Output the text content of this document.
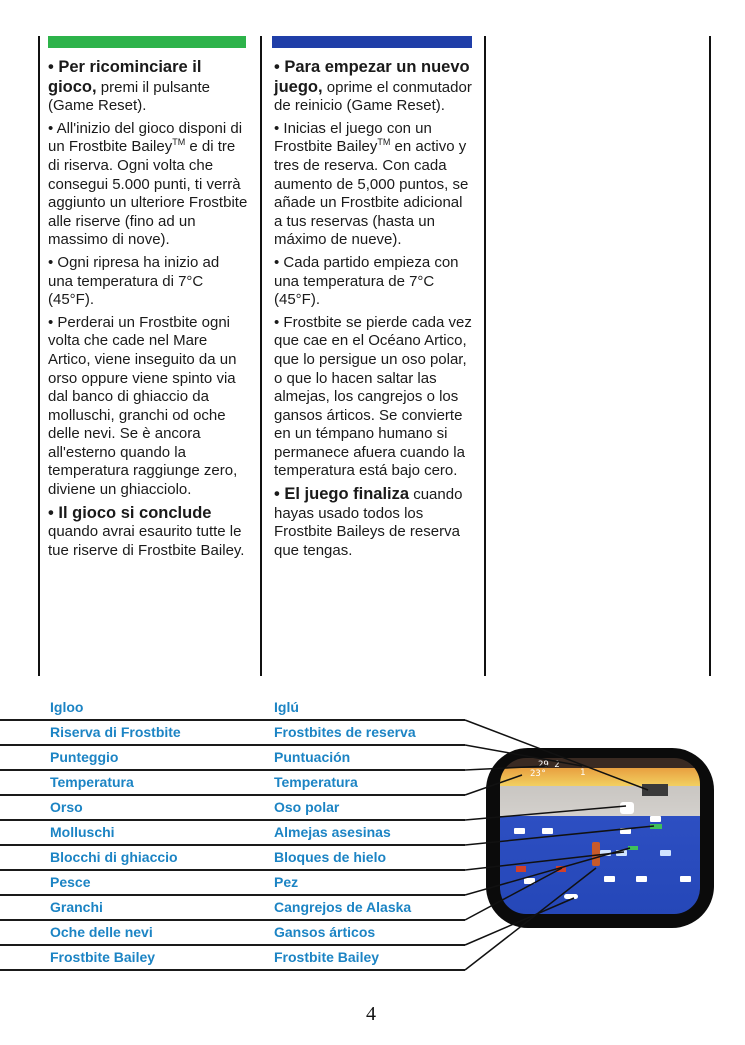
• Per ricominciare il gioco, premi il pulsante (Game Reset).

• All'inizio del gioco disponi di un Frostbite Bailey™ e di tre di riserva. Ogni volta che consegui 5.000 punti, ti verrà aggiunto un ulteriore Frostbite alle riserve (fino ad un massimo di nove).

• Ogni ripresa ha inizio ad una temperatura di 7°C (45°F).

• Perderai un Frostbite ogni volta che cade nel Mare Artico, viene inseguito da un orso oppure viene spinto via dal banco di ghiaccio da molluschi, granchi od oche delle nevi. Se è ancora all'esterno quando la temperatura raggiunge zero, diviene un ghiacciolo.

• Il gioco si conclude quando avrai esaurito tutte le tue riserve di Frostbite Bailey.

• Para empezar un nuevo juego, oprime el conmutador de reinicio (Game Reset).

• Inicias el juego con un Frostbite Bailey™ en activo y tres de reserva. Con cada aumento de 5,000 puntos, se añade un Frostbite adicional a tus reservas (hasta un máximo de nueve).

• Cada partido empieza con una temperatura de 7°C (45°F).

• Frostbite se pierde cada vez que cae en el Océano Artico, que lo persigue un oso polar, o que lo hacen saltar las almejas, los cangrejos o los gansos árticos. Se convierte en un témpano humano si permanece afuera cuando la temperatura está bajo cero.

• El juego finaliza cuando hayas usado todos los Frostbite Baileys de reserva que tengas.

Igloo	Iglú
Riserva di Frostbite	Frostbites de reserva
Punteggio	Puntuación
Temperatura	Temperatura
Orso	Oso polar
Molluschi	Almejas asesinas
Blocchi di ghiaccio	Bloques de hielo
Pesce	Pez
Granchi	Cangrejos de Alaska
Oche delle nevi	Gansos árticos
Frostbite Bailey	Frostbite Bailey
29 2
1
23°
4
